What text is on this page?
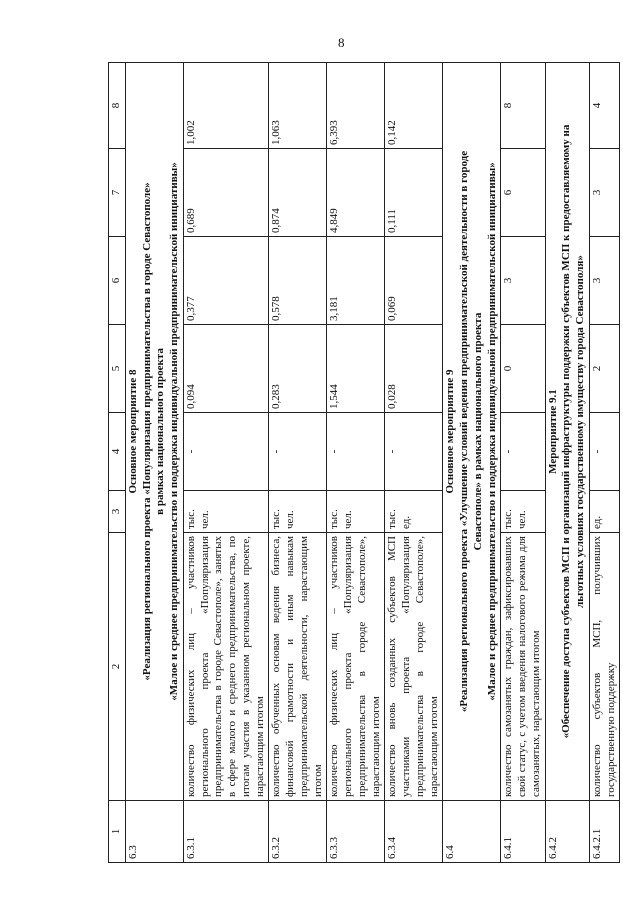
8
1	2	3	4	5	6	7	8
6.3	Основное мероприятие 8 «Реализация регионального проекта «Популяризация предпринимательства в городе Севастополе» в рамках национального проекта «Малое и среднее предпринимательство и поддержка индивидуальной предпринимательской инициативы»						

6.3.1	количество физических лиц – участников регионального проекта «Популяризация предпринимательства в городе Севастополе», занятых в сфере малого и среднего предпринимательства, по итогам участия в указанном региональном проекте, нарастающим итогом	тыс. чел.	-	0,094	0,377	0,689	1,002
6.3.2	количество обученных основам ведения бизнеса, финансовой грамотности и иным навыкам предпринимательской деятельности, нарастающим итогом	тыс. чел.	-	0,283	0,578	0,874	1,063
6.3.3	количество физических лиц – участников регионального проекта «Популяризация предпринимательства в городе Севастополе», нарастающим итогом	тыс. чел.	-	1,544	3,181	4,849	6,393
6.3.4	количество вновь созданных субъектов МСП участниками проекта «Популяризация предпринимательства в городе Севастополе», нарастающим итогом	тыс. ед.	-	0,028	0,069	0,111	0,142
6.4	Основное мероприятие 9 «Реализация регионального проекта «Улучшение условий ведения предпринимательской деятельности в городе Севастополе» в рамках национального проекта «Малое и среднее предпринимательство и поддержка индивидуальной предпринимательской инициативы»						

6.4.1	количество самозанятых граждан, зафиксировавших свой статус, с учетом введения налогового режима для самозанятых, нарастающим итогом	тыс. чел.	-	0	3	6	8
6.4.2	Мероприятие 9.1 «Обеспечение доступа субъектов МСП и организаций инфраструктуры поддержки субъектов МСП к предоставляемому на льготных условиях государственному имуществу города Севастополя»						

6.4.2.1	количество субъектов МСП, получивших государственную поддержку	ед.	-	2	3	3	4
